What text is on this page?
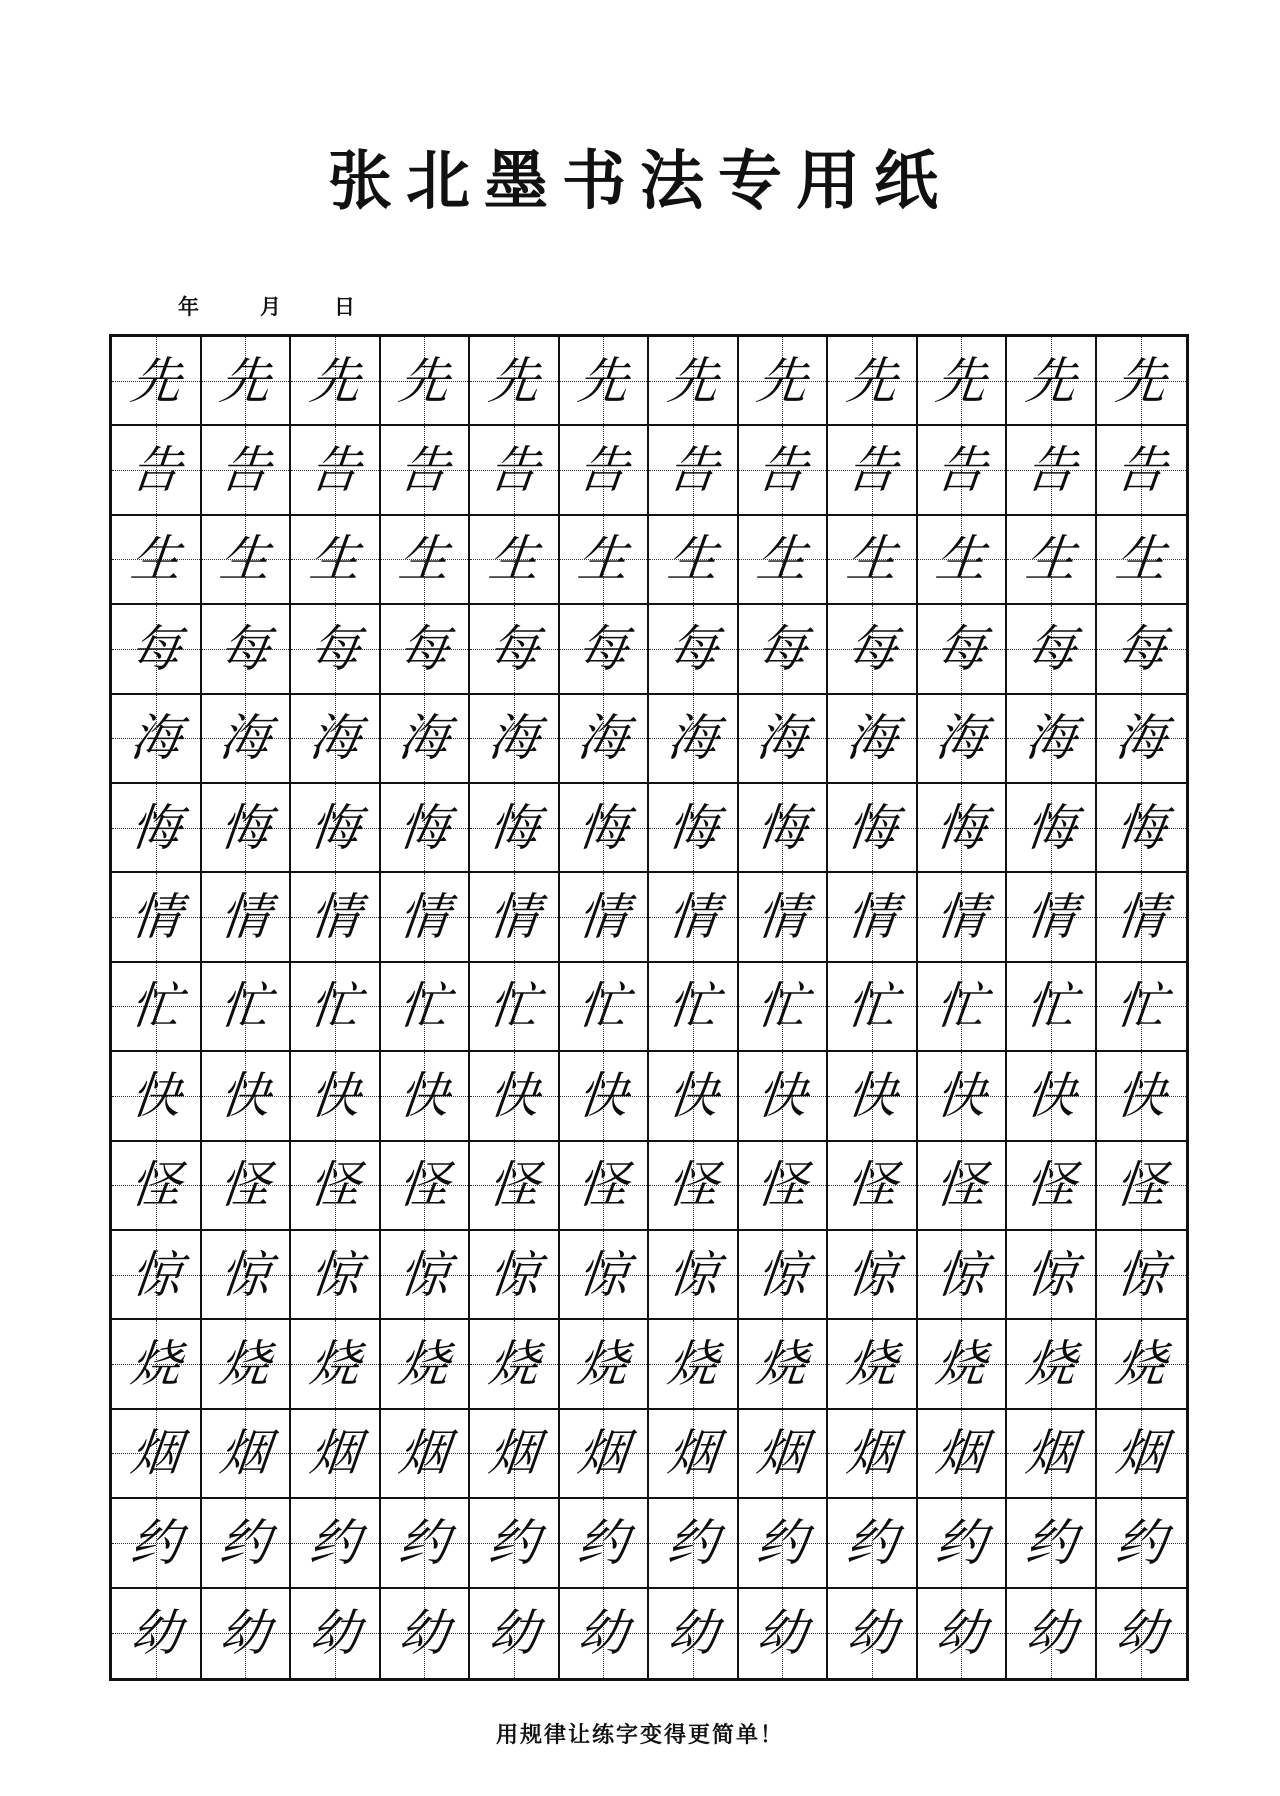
张北墨书法专用纸
年	月	日
先 先 先 先 先 先 先 先 先 先 先 先
告 告 告 告 告 告 告 告 告 告 告 告
生 生 生 生 生 生 生 生 生 生 生 生
每 每 每 每 每 每 每 每 每 每 每 每
海 海 海 海 海 海 海 海 海 海 海 海
悔 悔 悔 悔 悔 悔 悔 悔 悔 悔 悔 悔
情 情 情 情 情 情 情 情 情 情 情 情
忙 忙 忙 忙 忙 忙 忙 忙 忙 忙 忙 忙
快 快 快 快 快 快 快 快 快 快 快 快
怪 怪 怪 怪 怪 怪 怪 怪 怪 怪 怪 怪
惊 惊 惊 惊 惊 惊 惊 惊 惊 惊 惊 惊
烧 烧 烧 烧 烧 烧 烧 烧 烧 烧 烧 烧
烟 烟 烟 烟 烟 烟 烟 烟 烟 烟 烟 烟
约 约 约 约 约 约 约 约 约 约 约 约
幼 幼 幼 幼 幼 幼 幼 幼 幼 幼 幼 幼
用规律让练字变得更简单！
